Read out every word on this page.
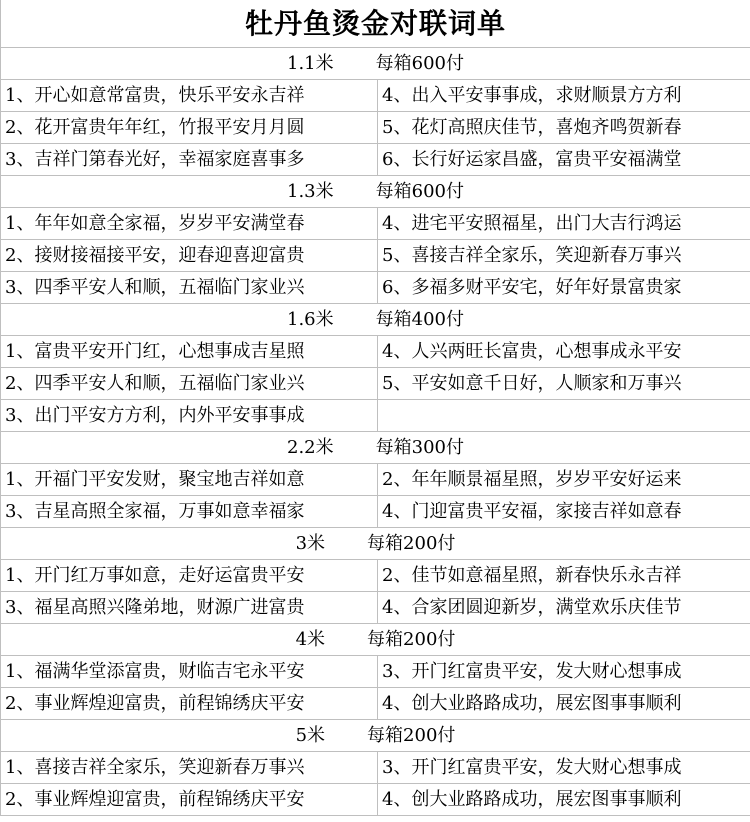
牡丹鱼烫金对联词单
1.1米 每箱600付
1、开心如意常富贵，快乐平安永吉祥	4、出入平安事事成，求财顺景方方利
2、花开富贵年年红，竹报平安月月圆	5、花灯高照庆佳节，喜炮齐鸣贺新春
3、吉祥门第春光好，幸福家庭喜事多	6、长行好运家昌盛，富贵平安福满堂
1.3米 每箱600付
1、年年如意全家福，岁岁平安满堂春	4、进宅平安照福星，出门大吉行鸿运
2、接财接福接平安，迎春迎喜迎富贵	5、喜接吉祥全家乐，笑迎新春万事兴
3、四季平安人和顺，五福临门家业兴	6、多福多财平安宅，好年好景富贵家
1.6米 每箱400付
1、富贵平安开门红，心想事成吉星照	4、人兴两旺长富贵，心想事成永平安
2、四季平安人和顺，五福临门家业兴	5、平安如意千日好，人顺家和万事兴
3、出门平安方方利，内外平安事事成
2.2米 每箱300付
1、开福门平安发财，聚宝地吉祥如意	2、年年顺景福星照，岁岁平安好运来
3、吉星高照全家福，万事如意幸福家	4、门迎富贵平安福，家接吉祥如意春
3米 每箱200付
1、开门红万事如意，走好运富贵平安	2、佳节如意福星照，新春快乐永吉祥
3、福星高照兴隆弟地，财源广进富贵	4、合家团圆迎新岁，满堂欢乐庆佳节
4米 每箱200付
1、福满华堂添富贵，财临吉宅永平安	3、开门红富贵平安，发大财心想事成
2、事业辉煌迎富贵，前程锦绣庆平安	4、创大业路路成功，展宏图事事顺利
5米 每箱200付
1、喜接吉祥全家乐，笑迎新春万事兴	3、开门红富贵平安，发大财心想事成
2、事业辉煌迎富贵，前程锦绣庆平安	4、创大业路路成功，展宏图事事顺利
